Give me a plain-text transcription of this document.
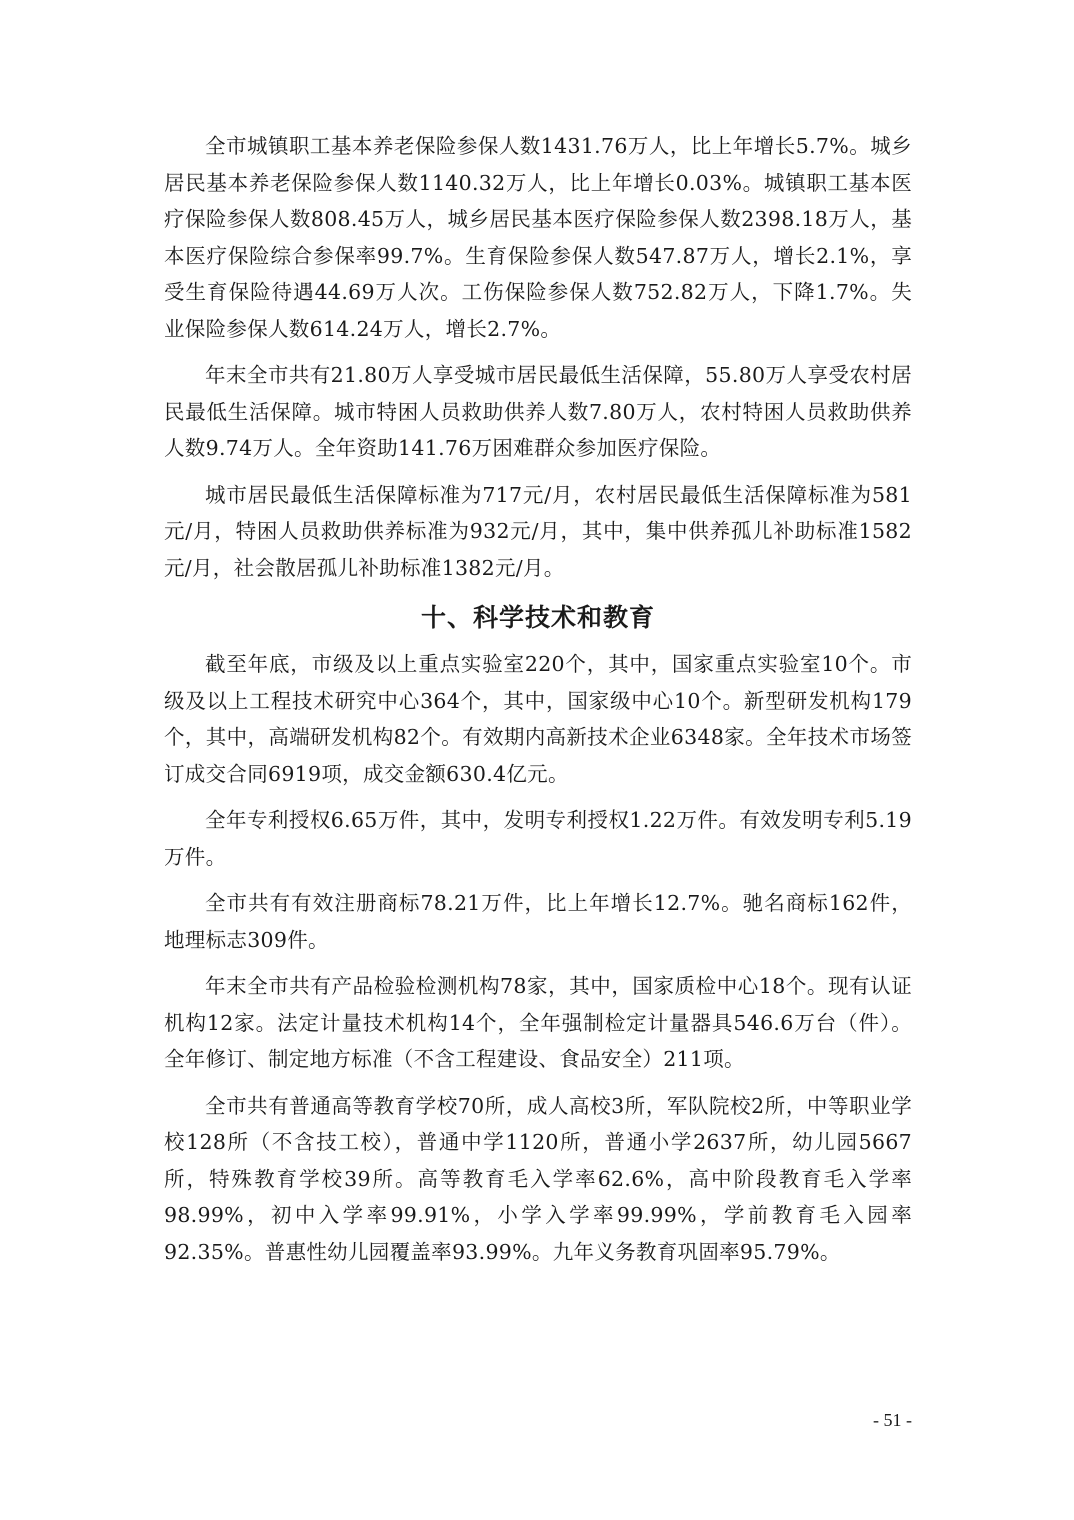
全市城镇职工基本养老保险参保人数1431.76万人，比上年增长5.7%。城乡居民基本养老保险参保人数1140.32万人，比上年增长0.03%。城镇职工基本医疗保险参保人数808.45万人，城乡居民基本医疗保险参保人数2398.18万人，基本医疗保险综合参保率99.7%。生育保险参保人数547.87万人，增长2.1%，享受生育保险待遇44.69万人次。工伤保险参保人数752.82万人，下降1.7%。失业保险参保人数614.24万人，增长2.7%。

年末全市共有21.80万人享受城市居民最低生活保障，55.80万人享受农村居民最低生活保障。城市特困人员救助供养人数7.80万人，农村特困人员救助供养人数9.74万人。全年资助141.76万困难群众参加医疗保险。

城市居民最低生活保障标准为717元/月，农村居民最低生活保障标准为581元/月，特困人员救助供养标准为932元/月，其中，集中供养孤儿补助标准1582元/月，社会散居孤儿补助标准1382元/月。

十、科学技术和教育

截至年底，市级及以上重点实验室220个，其中，国家重点实验室10个。市级及以上工程技术研究中心364个，其中，国家级中心10个。新型研发机构179个，其中，高端研发机构82个。有效期内高新技术企业6348家。全年技术市场签订成交合同6919项，成交金额630.4亿元。

全年专利授权6.65万件，其中，发明专利授权1.22万件。有效发明专利5.19万件。

全市共有有效注册商标78.21万件，比上年增长12.7%。驰名商标162件，地理标志309件。

年末全市共有产品检验检测机构78家，其中，国家质检中心18个。现有认证机构12家。法定计量技术机构14个，全年强制检定计量器具546.6万台（件）。全年修订、制定地方标准（不含工程建设、食品安全）211项。

全市共有普通高等教育学校70所，成人高校3所，军队院校2所，中等职业学校128所（不含技工校），普通中学1120所，普通小学2637所，幼儿园5667所，特殊教育学校39所。高等教育毛入学率62.6%，高中阶段教育毛入学率98.99%，初中入学率99.91%，小学入学率99.99%，学前教育毛入园率92.35%。普惠性幼儿园覆盖率93.99%。九年义务教育巩固率95.79%。

- 51 -
